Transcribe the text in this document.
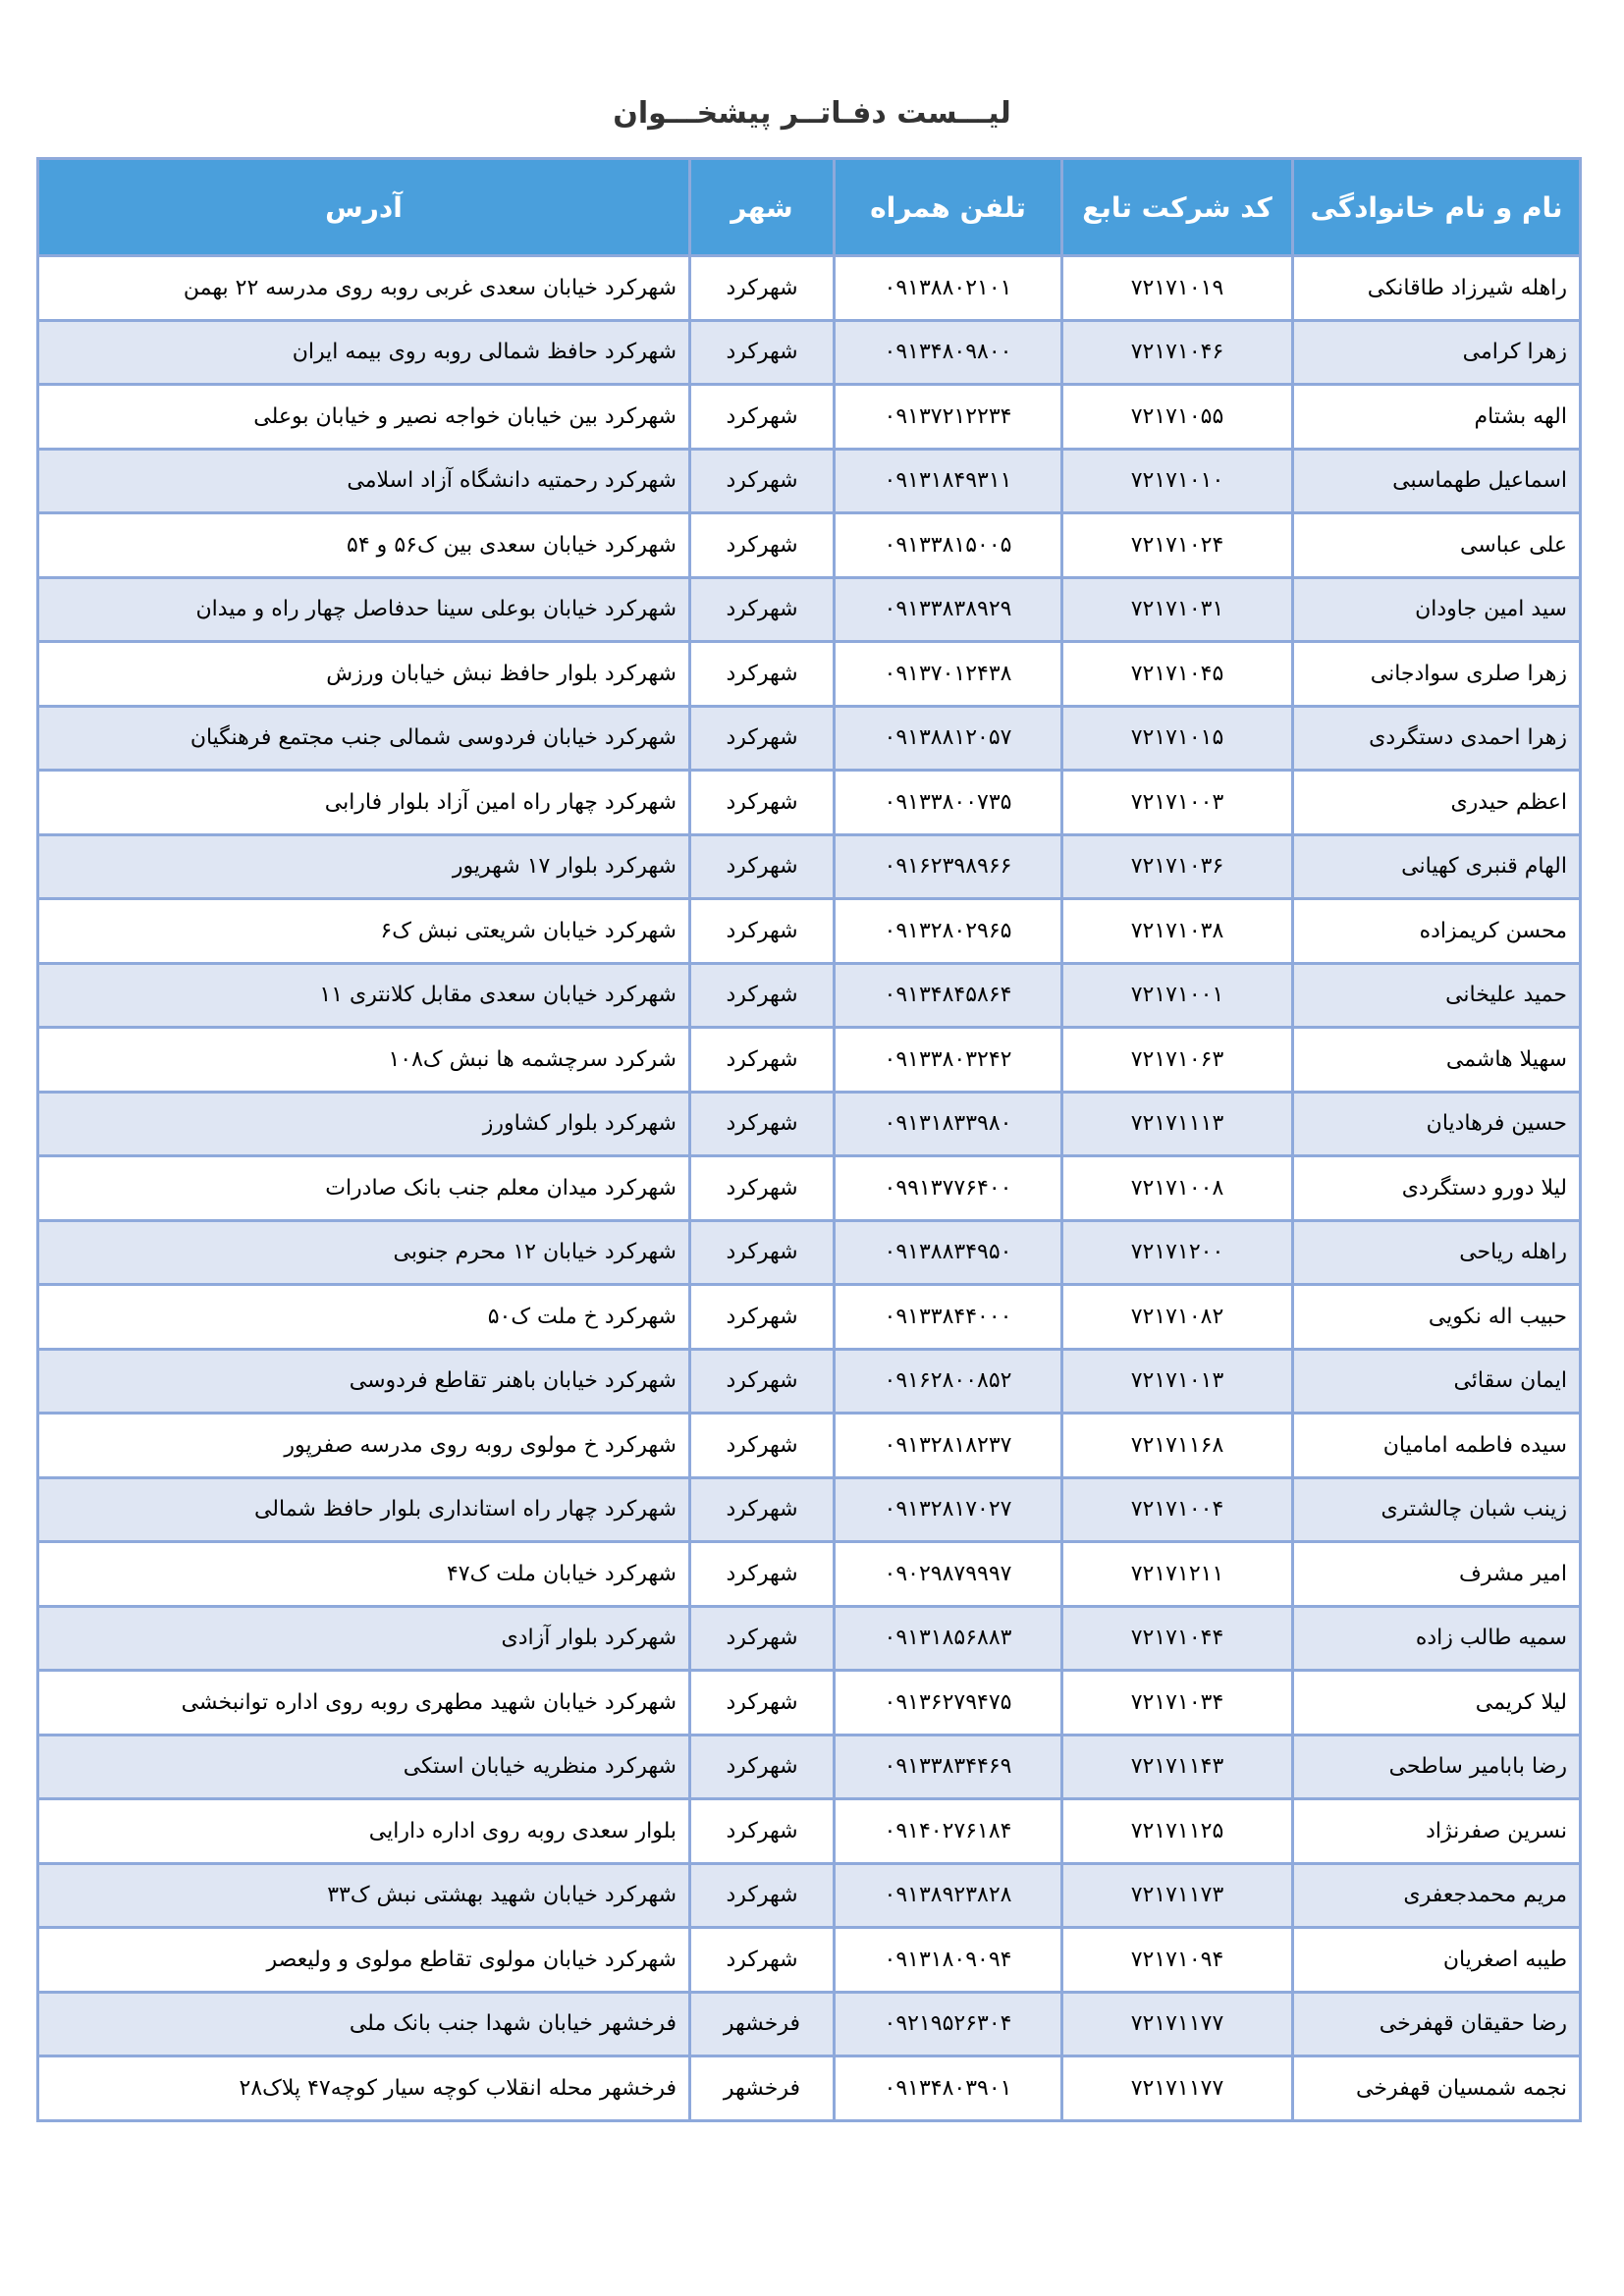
لیـــست دفـاتــر پیشخـــوان
نام و نام خانوادگی	کد شرکت تابع	تلفن همراه	شهر	آدرس
راهله شیرزاد طاقانکی	۷۲۱۷۱۰۱۹	۰۹۱۳۸۸۰۲۱۰۱	شهرکرد	شهرکرد خیابان سعدی غربی روبه روی مدرسه ۲۲ بهمن
زهرا کرامی	۷۲۱۷۱۰۴۶	۰۹۱۳۴۸۰۹۸۰۰	شهرکرد	شهرکرد حافظ شمالی روبه روی بیمه ایران
الهه بشتام	۷۲۱۷۱۰۵۵	۰۹۱۳۷۲۱۲۲۳۴	شهرکرد	شهرکرد بین خیابان خواجه نصیر و خیابان بوعلی
اسماعیل طهماسبی	۷۲۱۷۱۰۱۰	۰۹۱۳۱۸۴۹۳۱۱	شهرکرد	شهرکرد رحمتیه دانشگاه آزاد اسلامی
علی عباسی	۷۲۱۷۱۰۲۴	۰۹۱۳۳۸۱۵۰۰۵	شهرکرد	شهرکرد خیابان سعدی بین ک۵۶ و ۵۴
سید امین جاودان	۷۲۱۷۱۰۳۱	۰۹۱۳۳۸۳۸۹۲۹	شهرکرد	شهرکرد خیابان بوعلی سینا حدفاصل چهار راه و میدان
زهرا صلری سوادجانی	۷۲۱۷۱۰۴۵	۰۹۱۳۷۰۱۲۴۳۸	شهرکرد	شهرکرد بلوار حافظ نبش خیابان ورزش
زهرا احمدی دستگردی	۷۲۱۷۱۰۱۵	۰۹۱۳۸۸۱۲۰۵۷	شهرکرد	شهرکرد خیابان فردوسی شمالی جنب مجتمع فرهنگیان
اعظم حیدری	۷۲۱۷۱۰۰۳	۰۹۱۳۳۸۰۰۷۳۵	شهرکرد	شهرکرد چهار راه امین آزاد بلوار فارابی
الهام قنبری کهیانی	۷۲۱۷۱۰۳۶	۰۹۱۶۲۳۹۸۹۶۶	شهرکرد	شهرکرد بلوار ۱۷ شهریور
محسن کریمزاده	۷۲۱۷۱۰۳۸	۰۹۱۳۲۸۰۲۹۶۵	شهرکرد	شهرکرد خیابان شریعتی نبش ک۶
حمید علیخانی	۷۲۱۷۱۰۰۱	۰۹۱۳۴۸۴۵۸۶۴	شهرکرد	شهرکرد خیابان سعدی مقابل کلانتری ۱۱
سهیلا هاشمی	۷۲۱۷۱۰۶۳	۰۹۱۳۳۸۰۳۲۴۲	شهرکرد	شرکرد سرچشمه ها نبش ک۱۰۸
حسین فرهادیان	۷۲۱۷۱۱۱۳	۰۹۱۳۱۸۳۳۹۸۰	شهرکرد	شهرکرد بلوار کشاورز
لیلا دورو دستگردی	۷۲۱۷۱۰۰۸	۰۹۹۱۳۷۷۶۴۰۰	شهرکرد	شهرکرد میدان معلم جنب بانک صادرات
راهله ریاحی	۷۲۱۷۱۲۰۰	۰۹۱۳۸۸۳۴۹۵۰	شهرکرد	شهرکرد خیابان ۱۲ محرم جنوبی
حبیب اله نکویی	۷۲۱۷۱۰۸۲	۰۹۱۳۳۸۴۴۰۰۰	شهرکرد	شهرکرد خ ملت ک۵۰
ایمان سقائی	۷۲۱۷۱۰۱۳	۰۹۱۶۲۸۰۰۸۵۲	شهرکرد	شهرکرد خیابان باهنر تقاطع فردوسی
سیده فاطمه امامیان	۷۲۱۷۱۱۶۸	۰۹۱۳۲۸۱۸۲۳۷	شهرکرد	شهرکرد خ مولوی روبه روی مدرسه صفرپور
زینب شبان چالشتری	۷۲۱۷۱۰۰۴	۰۹۱۳۲۸۱۷۰۲۷	شهرکرد	شهرکرد چهار راه استانداری بلوار حافظ شمالی
امیر مشرف	۷۲۱۷۱۲۱۱	۰۹۰۲۹۸۷۹۹۹۷	شهرکرد	شهرکرد خیابان ملت ک۴۷
سمیه طالب زاده	۷۲۱۷۱۰۴۴	۰۹۱۳۱۸۵۶۸۸۳	شهرکرد	شهرکرد بلوار آزادی
لیلا کریمی	۷۲۱۷۱۰۳۴	۰۹۱۳۶۲۷۹۴۷۵	شهرکرد	شهرکرد خیابان شهید مطهری روبه روی اداره توانبخشی
رضا بابامیر ساطحی	۷۲۱۷۱۱۴۳	۰۹۱۳۳۸۳۴۴۶۹	شهرکرد	شهرکرد منظریه خیابان استکی
نسرین صفرنژاد	۷۲۱۷۱۱۲۵	۰۹۱۴۰۲۷۶۱۸۴	شهرکرد	بلوار سعدی روبه روی اداره دارایی
مریم محمدجعفری	۷۲۱۷۱۱۷۳	۰۹۱۳۸۹۲۳۸۲۸	شهرکرد	شهرکرد خیابان شهید بهشتی نبش ک۳۳
طیبه اصغریان	۷۲۱۷۱۰۹۴	۰۹۱۳۱۸۰۹۰۹۴	شهرکرد	شهرکرد خیابان مولوی تقاطع مولوی و ولیعصر
رضا حقیقان قهفرخی	۷۲۱۷۱۱۷۷	۰۹۲۱۹۵۲۶۳۰۴	فرخشهر	فرخشهر خیابان شهدا جنب بانک ملی
نجمه شمسیان قهفرخی	۷۲۱۷۱۱۷۷	۰۹۱۳۴۸۰۳۹۰۱	فرخشهر	فرخشهر محله انقلاب کوچه سیار کوچه۴۷ پلاک۲۸
